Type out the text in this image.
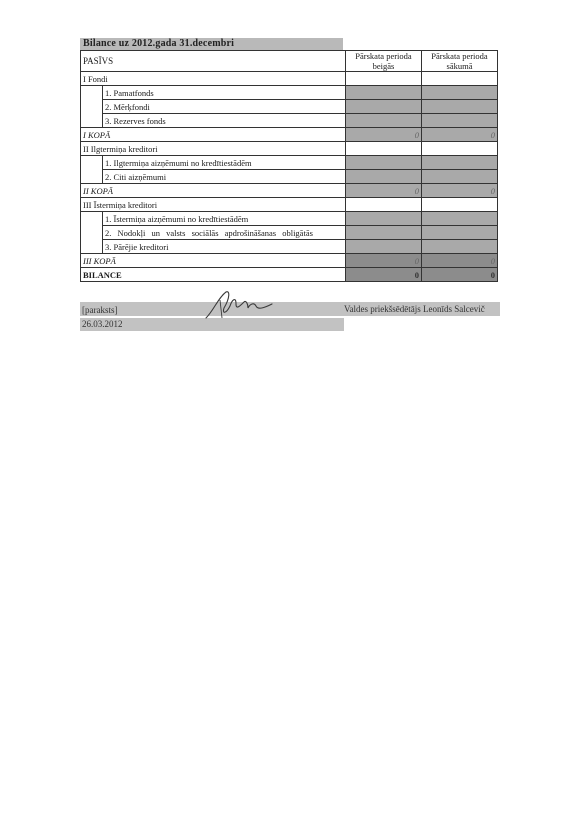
Bilance uz 2012.gada 31.decembri
PASĪVS		Pārskata perioda beigās	Pārskata perioda sākumā
I Fondi			
	1. Pamatfonds		
	2. Mērķfondi		
	3. Rezerves fonds		
I KOPĀ		0	0
II Ilgtermiņa kreditori			
	1. Ilgtermiņa aizņēmumi no kredītiestādēm		
	2. Citi aizņēmumi		
II KOPĀ		0	0
III Īstermiņa kreditori			
	1. Īstermiņa aizņēmumi no kredītiestādēm		
	2. Nodokļi un valsts sociālās apdrošināšanas obligātās		
	3. Pārējie kreditori		
III KOPĀ		0	0
BILANCE		0	0
[paraksts]
26.03.2012
Valdes priekšsēdētājs Leonīds Salcevič
